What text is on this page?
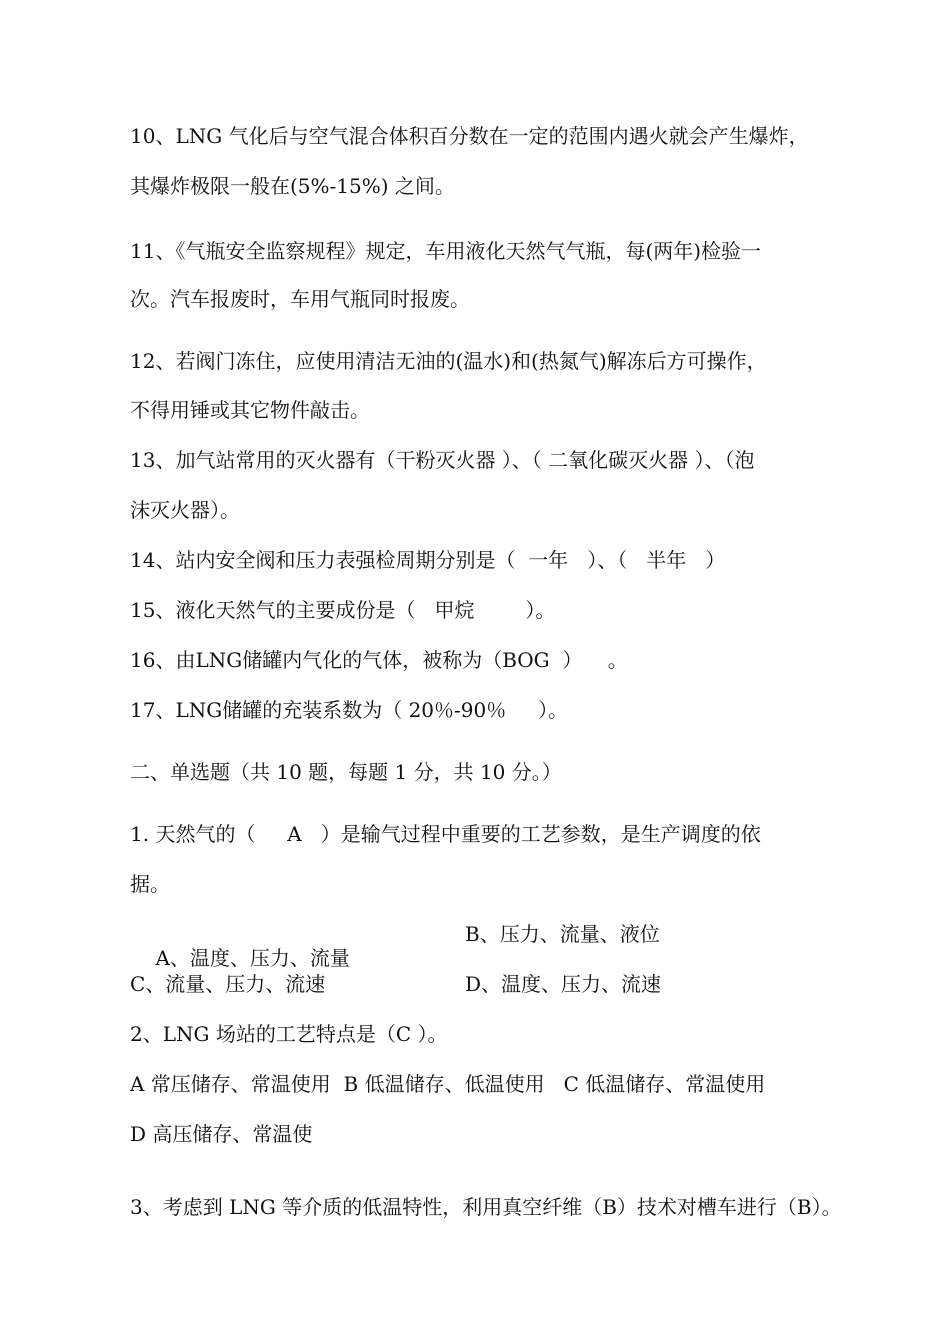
10、LNG 气化后与空气混合体积百分数在一定的范围内遇火就会产生爆炸，
其爆炸极限一般在(5%-15%) 之间。
11、《气瓶安全监察规程》规定，车用液化天然气气瓶，每(两年)检验一
次。汽车报废时，车用气瓶同时报废。
12、若阀门冻住，应使用清洁无油的(温水)和(热氮气)解冻后方可操作，
不得用锤或其它物件敲击。
13、加气站常用的灭火器有（干粉灭火器 ）、（ 二氧化碳灭火器 ）、（泡
沫灭火器）。
14、站内安全阀和压力表强检周期分别是（  一年   ）、（   半年   ）
15、液化天然气的主要成份是（   甲烷        ）。
16、由LNG储罐内气化的气体，被称为（BOG  ）    。
17、LNG储罐的充装系数为（ 20％-90％     ）。
二、单选题（共 10 题，每题 1 分，共 10 分。）
1. 天然气的（     A   ）是输气过程中重要的工艺参数，是生产调度的依
据。

A、温度、压力、流量

B、压力、流量、液位
C、流量、压力、流速	D、温度、压力、流速
2、LNG 场站的工艺特点是（C ）。
A 常压储存、常温使用  B 低温储存、低温使用   C 低温储存、常温使用
D 高压储存、常温使
3、考虑到 LNG 等介质的低温特性，利用真空纤维（B）技术对槽车进行（B）。
